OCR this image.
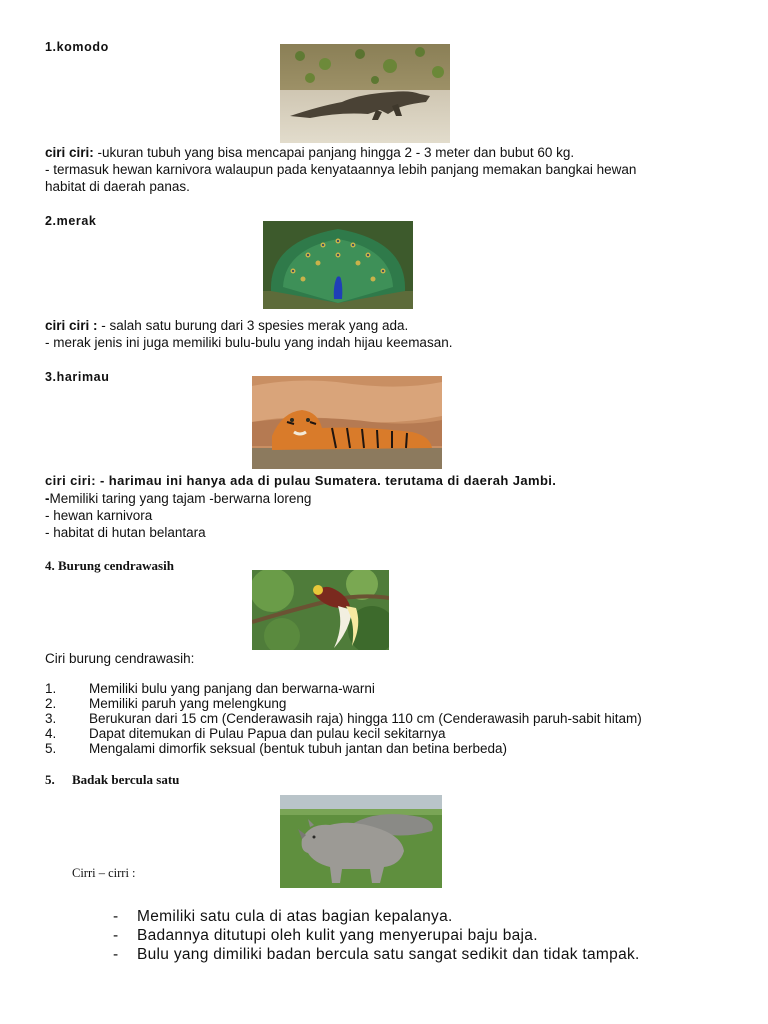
1.komodo
ciri ciri: -ukuran tubuh yang bisa mencapai panjang hingga 2 - 3 meter dan bubut 60 kg.
- termasuk hewan karnivora walaupun pada kenyataannya lebih panjang memakan bangkai hewan
habitat di daerah panas.
2.merak
ciri ciri : - salah satu burung dari 3 spesies merak yang ada.
- merak jenis ini juga memiliki bulu-bulu yang indah hijau keemasan.
3.harimau
ciri ciri: - harimau ini hanya ada di pulau Sumatera. terutama di daerah Jambi.
-Memiliki taring yang tajam -berwarna loreng
- hewan karnivora
- habitat di hutan belantara
4. Burung cendrawasih
Ciri burung cendrawasih:
1. Memiliki bulu yang panjang dan berwarna-warni
2. Memiliki paruh yang melengkung
3. Berukuran dari 15 cm (Cenderawasih raja) hingga 110 cm (Cenderawasih paruh-sabit hitam)
4. Dapat ditemukan di Pulau Papua dan pulau kecil sekitarnya
5. Mengalami dimorfik seksual (bentuk tubuh jantan dan betina berbeda)
5. Badak bercula satu
Cirri – cirri :
- Memiliki satu cula di atas bagian kepalanya.
- Badannya ditutupi oleh kulit yang menyerupai baju baja.
- Bulu yang dimiliki badan bercula satu sangat sedikit dan tidak tampak.
